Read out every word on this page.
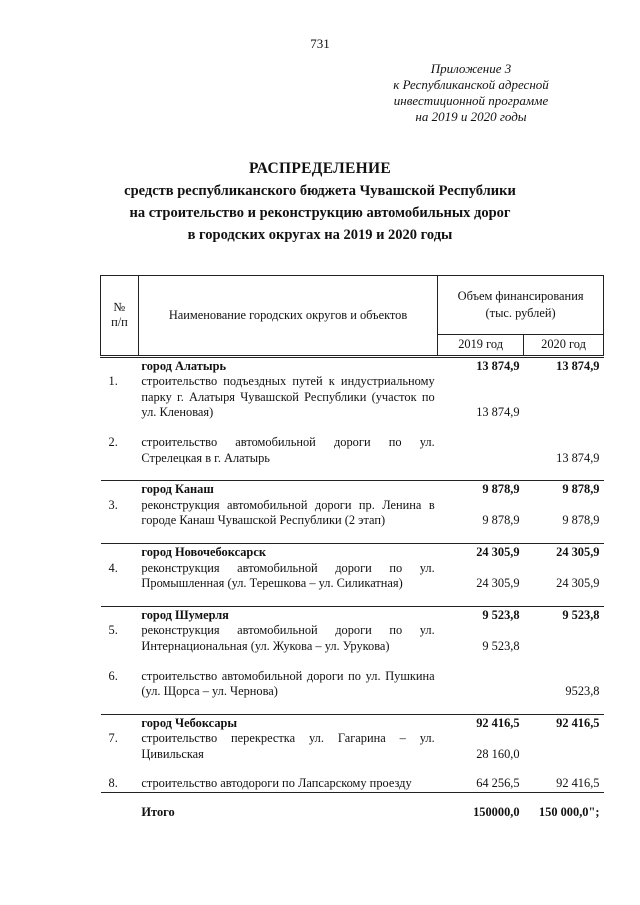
731
Приложение 3
к Республиканской адресной
инвестиционной программе
на 2019 и 2020 годы
РАСПРЕДЕЛЕНИЕ
средств республиканского бюджета Чувашской Республики
на строительство и реконструкцию автомобильных дорог
в городских округах на 2019 и 2020 годы
№
п/п	Наименование городских округов и объектов	Объем финансирования (тыс. рублей)	
		2019 год	2020 год
	город Алатырь	13 874,9	13 874,9
1.	строительство подъездных путей к индустриальному парку г. Алатыря Чувашской Республики (участок по ул. Кленовая)	13 874,9	

2.	строительство автомобильной дороги по ул. Стрелецкая в г. Алатырь		13 874,9

	город Канаш	9 878,9	9 878,9
3.	реконструкция автомобильной дороги пр. Ленина в городе Канаш Чувашской Республики (2 этап)	9 878,9	9 878,9

	город Новочебоксарск	24 305,9	24 305,9
4.	реконструкция автомобильной дороги по ул. Промышленная (ул. Терешкова – ул. Силикатная)	24 305,9	24 305,9

	город Шумерля	9 523,8	9 523,8
5.	реконструкция автомобильной дороги по ул. Интернациональная (ул. Жукова – ул. Урукова)	9 523,8	

6.	строительство автомобильной дороги по ул. Пушкина (ул. Щорса – ул. Чернова)		9523,8

	город Чебоксары	92 416,5	92 416,5
7.	строительство перекрестка ул. Гагарина – ул. Цивильская	28 160,0	

8.	строительство автодороги по Лапсарскому проезду	64 256,5	92 416,5
	Итого	150000,0	150 000,0";
